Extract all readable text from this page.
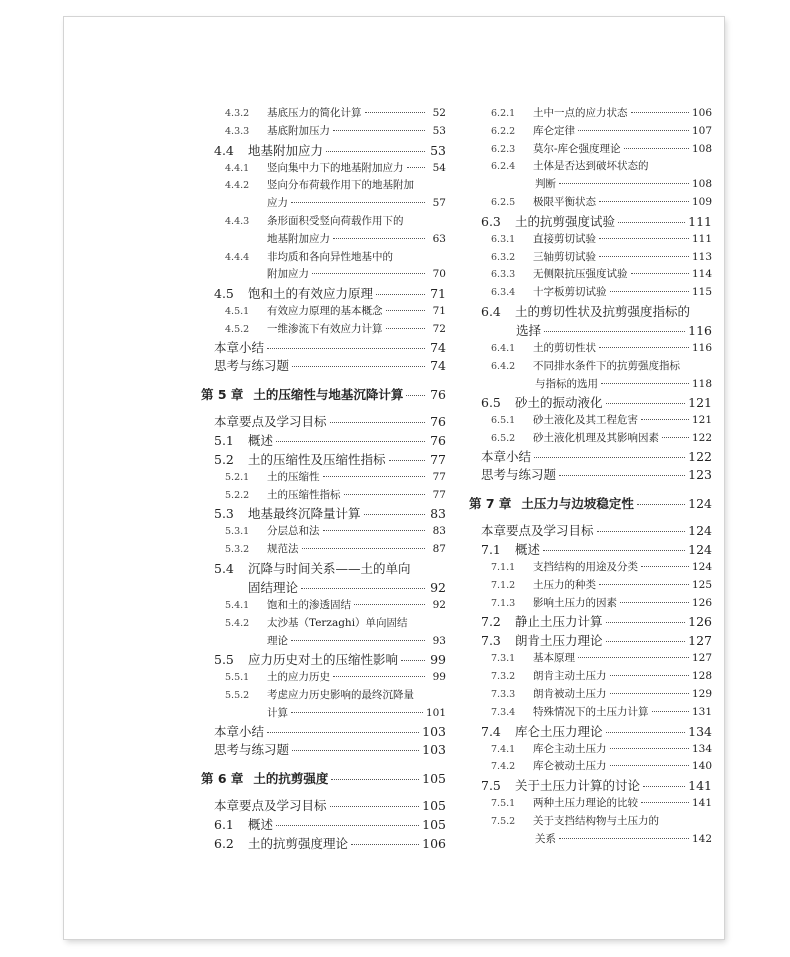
4.3.2	基底压力的简化计算	52
4.3.3	基底附加压力	53
4.4	地基附加应力	53
4.4.1	竖向集中力下的地基附加应力	54
4.4.2	竖向分布荷载作用下的地基附加
应力	57
4.4.3	条形面积受竖向荷载作用下的
地基附加应力	63
4.4.4	非均质和各向异性地基中的
附加应力	70
4.5	饱和土的有效应力原理	71
4.5.1	有效应力原理的基本概念	71
4.5.2	一维渗流下有效应力计算	72
本章小结	74
思考与练习题	74
第 5 章 土的压缩性与地基沉降计算 76
本章要点及学习目标	76
5.1	概述	76
5.2	土的压缩性及压缩性指标	77
5.2.1	土的压缩性	77
5.2.2	土的压缩性指标	77
5.3	地基最终沉降量计算	83
5.3.1	分层总和法	83
5.3.2	规范法	87
5.4	沉降与时间关系——土的单向
固结理论	92
5.4.1	饱和土的渗透固结	92
5.4.2	太沙基（Terzaghi）单向固结
理论	93
5.5	应力历史对土的压缩性影响	99
5.5.1	土的应力历史	99
5.5.2	考虑应力历史影响的最终沉降量
计算	101
本章小结	103
思考与练习题	103
第 6 章 土的抗剪强度	105
本章要点及学习目标	105
6.1	概述	105
6.2	土的抗剪强度理论	106
6.2.1	土中一点的应力状态	106
6.2.2	库仑定律	107
6.2.3	莫尔-库仑强度理论	108
6.2.4	土体是否达到破坏状态的
判断	108
6.2.5	极限平衡状态	109
6.3	土的抗剪强度试验	111
6.3.1	直接剪切试验	111
6.3.2	三轴剪切试验	113
6.3.3	无侧限抗压强度试验	114
6.3.4	十字板剪切试验	115
6.4	土的剪切性状及抗剪强度指标的
选择	116
6.4.1	土的剪切性状	116
6.4.2	不同排水条件下的抗剪强度指标
与指标的选用	118
6.5	砂土的振动液化	121
6.5.1	砂土液化及其工程危害	121
6.5.2	砂土液化机理及其影响因素	122
本章小结	122
思考与练习题	123
第 7 章 土压力与边坡稳定性	124
本章要点及学习目标	124
7.1	概述	124
7.1.1	支挡结构的用途及分类	124
7.1.2	土压力的种类	125
7.1.3	影响土压力的因素	126
7.2	静止土压力计算	126
7.3	朗肯土压力理论	127
7.3.1	基本原理	127
7.3.2	朗肯主动土压力	128
7.3.3	朗肯被动土压力	129
7.3.4	特殊情况下的土压力计算	131
7.4	库仑土压力理论	134
7.4.1	库仑主动土压力	134
7.4.2	库仑被动土压力	140
7.5	关于土压力计算的讨论	141
7.5.1	两种土压力理论的比较	141
7.5.2	关于支挡结构物与土压力的
关系	142
